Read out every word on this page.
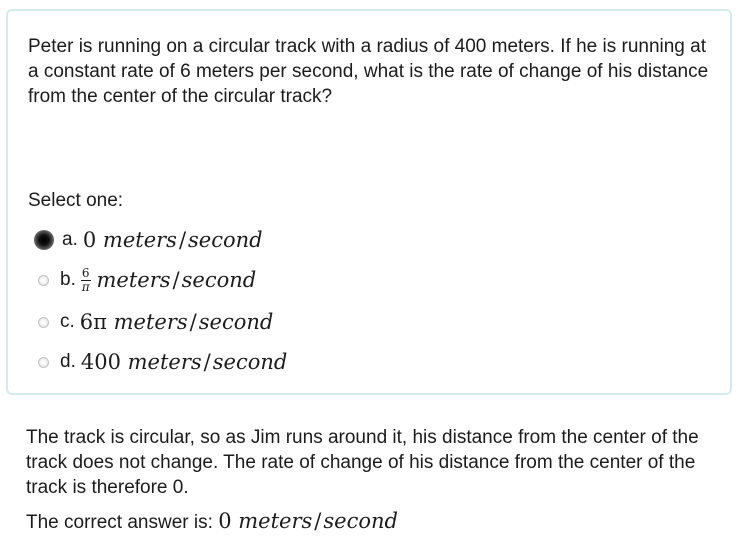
Peter is running on a circular track with a radius of 400 meters. If he is running at a constant rate of 6 meters per second, what is the rate of change of his distance from the center of the circular track?

Select one:

a. 0 meters/second
b. $\frac{6}{\pi}$ meters/second
c. 6π meters/second
d. 400 meters/second

The track is circular, so as Jim runs around it, his distance from the center of the track does not change. The rate of change of his distance from the center of the track is therefore 0.

The correct answer is: 0 meters/second
